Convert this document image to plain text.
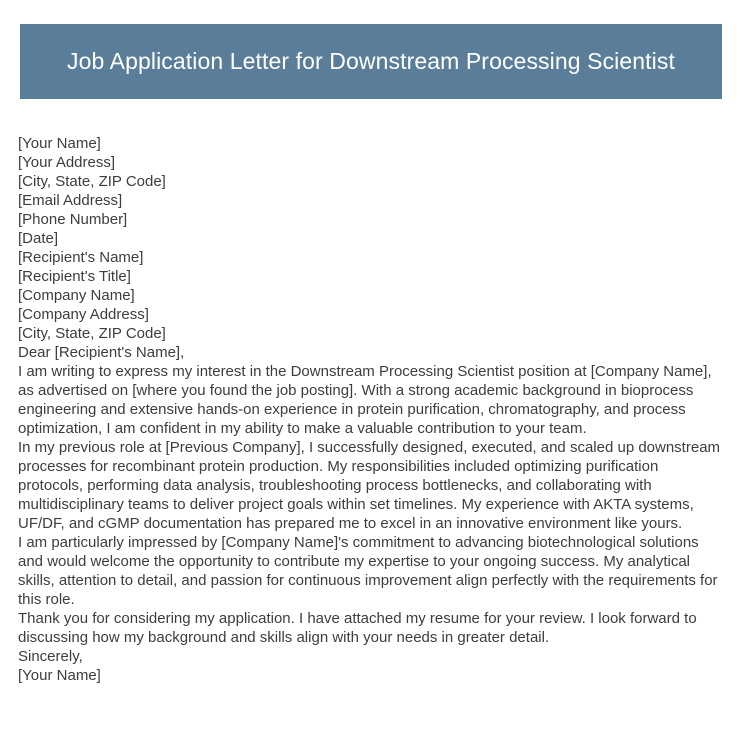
Job Application Letter for Downstream Processing Scientist
[Your Name]
[Your Address]
[City, State, ZIP Code]
[Email Address]
[Phone Number]
[Date]
[Recipient's Name]
[Recipient's Title]
[Company Name]
[Company Address]
[City, State, ZIP Code]
Dear [Recipient's Name],

I am writing to express my interest in the Downstream Processing Scientist position at [Company Name], as advertised on [where you found the job posting]. With a strong academic background in bioprocess engineering and extensive hands-on experience in protein purification, chromatography, and process optimization, I am confident in my ability to make a valuable contribution to your team.

In my previous role at [Previous Company], I successfully designed, executed, and scaled up downstream processes for recombinant protein production. My responsibilities included optimizing purification protocols, performing data analysis, troubleshooting process bottlenecks, and collaborating with multidisciplinary teams to deliver project goals within set timelines. My experience with AKTA systems, UF/DF, and cGMP documentation has prepared me to excel in an innovative environment like yours.

I am particularly impressed by [Company Name]'s commitment to advancing biotechnological solutions and would welcome the opportunity to contribute my expertise to your ongoing success. My analytical skills, attention to detail, and passion for continuous improvement align perfectly with the requirements for this role.

Thank you for considering my application. I have attached my resume for your review. I look forward to discussing how my background and skills align with your needs in greater detail.

Sincerely,
[Your Name]
